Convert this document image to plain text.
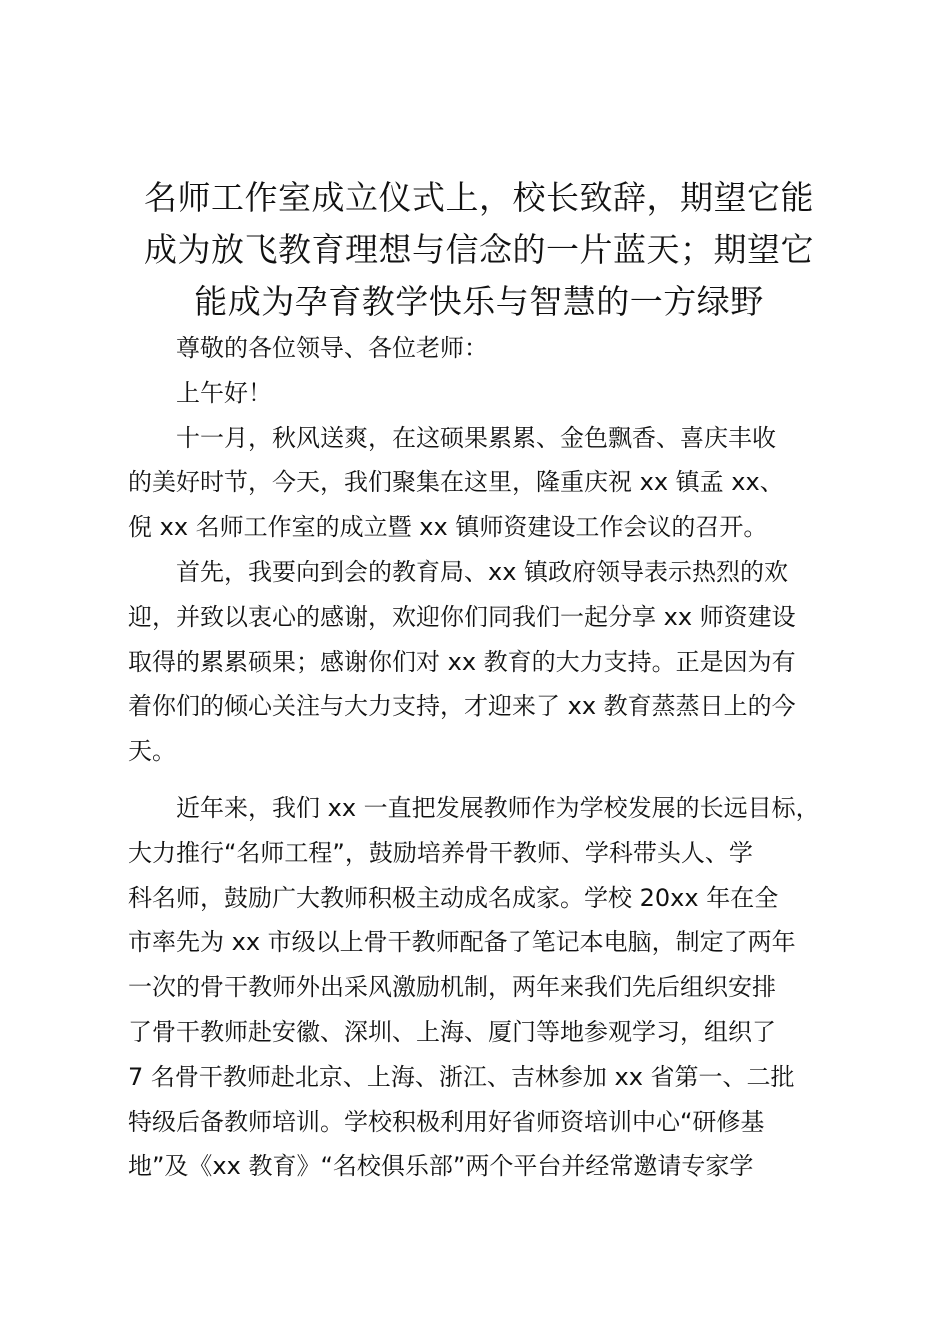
名师工作室成立仪式上，校长致辞，期望它能
成为放飞教育理想与信念的一片蓝天；期望它
能成为孕育教学快乐与智慧的一方绿野

尊敬的各位领导、各位老师：

上午好！

十一月，秋风送爽，在这硕果累累、金色飘香、喜庆丰收
的美好时节，今天，我们聚集在这里，隆重庆祝 xx 镇孟 xx、
倪 xx 名师工作室的成立暨 xx 镇师资建设工作会议的召开。

首先，我要向到会的教育局、xx 镇政府领导表示热烈的欢
迎，并致以衷心的感谢，欢迎你们同我们一起分享 xx 师资建设
取得的累累硕果；感谢你们对 xx 教育的大力支持。正是因为有
着你们的倾心关注与大力支持，才迎来了 xx 教育蒸蒸日上的今
天。

近年来，我们 xx 一直把发展教师作为学校发展的长远目标，
大力推行“名师工程”，鼓励培养骨干教师、学科带头人、学
科名师，鼓励广大教师积极主动成名成家。学校 20xx 年在全
市率先为 xx 市级以上骨干教师配备了笔记本电脑，制定了两年
一次的骨干教师外出采风激励机制，两年来我们先后组织安排
了骨干教师赴安徽、深圳、上海、厦门等地参观学习，组织了
7 名骨干教师赴北京、上海、浙江、吉林参加 xx 省第一、二批
特级后备教师培训。学校积极利用好省师资培训中心“研修基
地”及《xx 教育》“名校俱乐部”两个平台并经常邀请专家学
